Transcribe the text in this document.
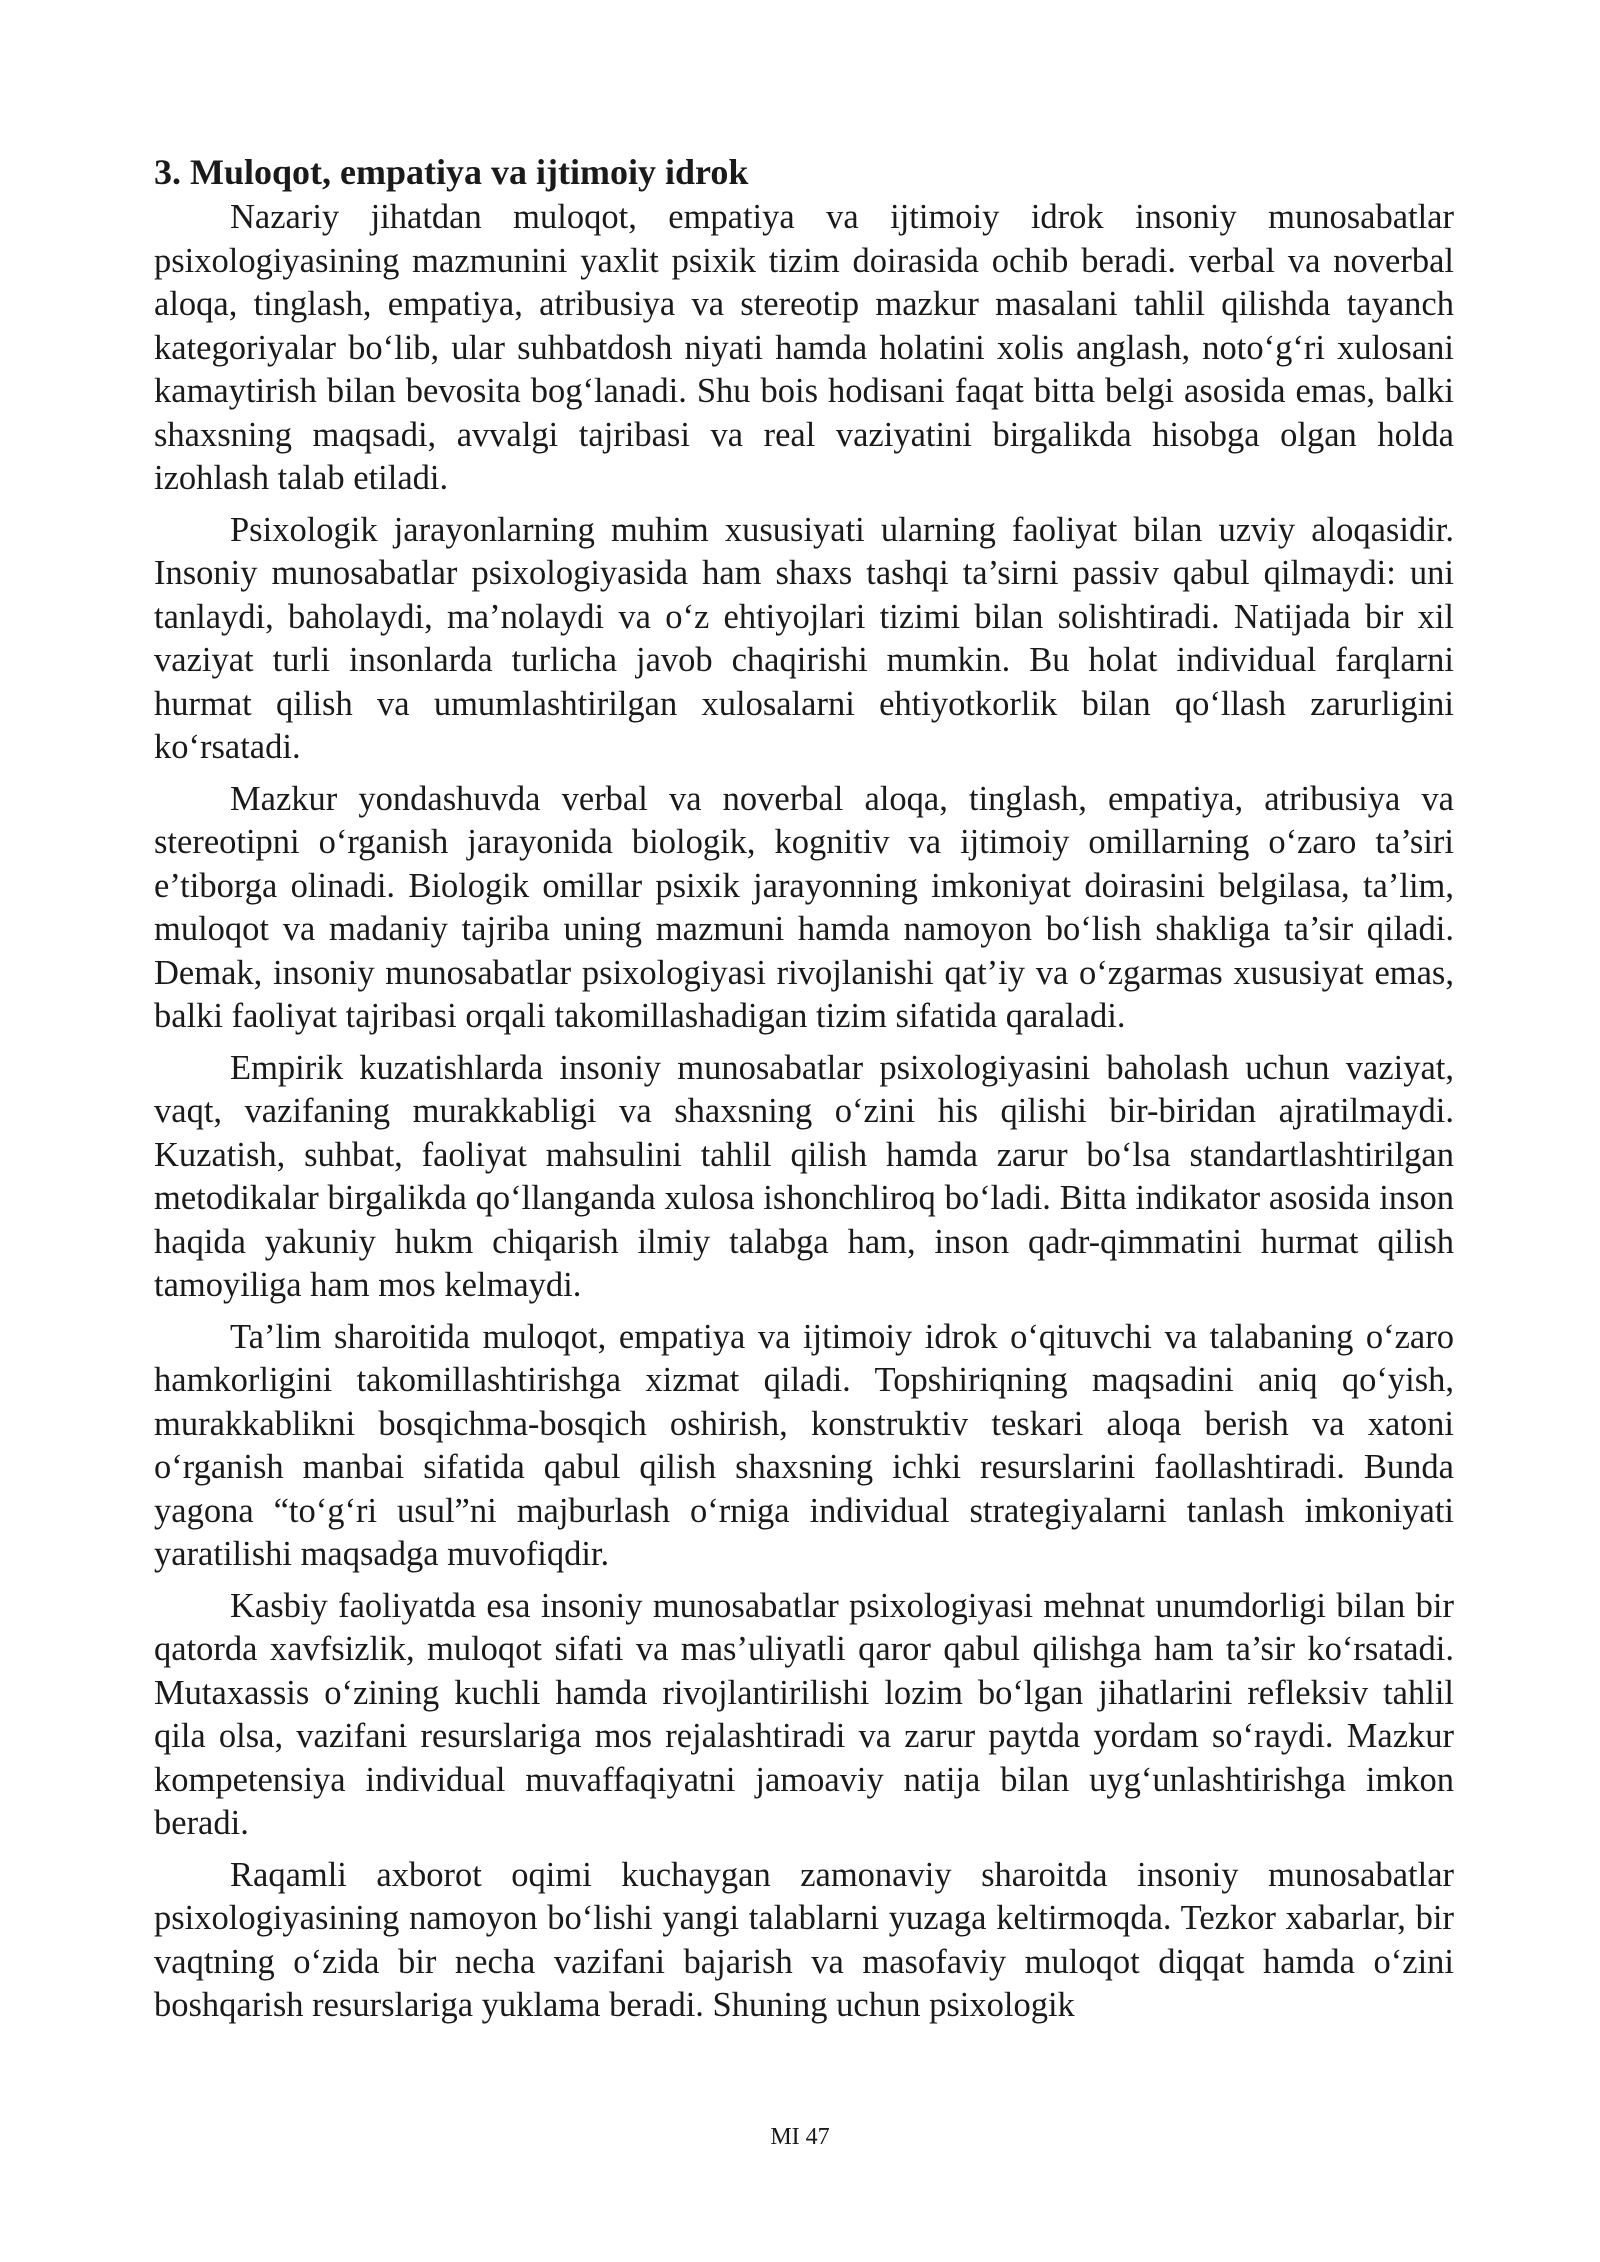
3. Muloqot, empatiya va ijtimoiy idrok

Nazariy jihatdan muloqot, empatiya va ijtimoiy idrok insoniy munosabatlar psixologiyasining mazmunini yaxlit psixik tizim doirasida ochib beradi. verbal va noverbal aloqa, tinglash, empatiya, atribusiya va stereotip mazkur masalani tahlil qilishda tayanch kategoriyalar bo‘lib, ular suhbatdosh niyati hamda holatini xolis anglash, noto‘g‘ri xulosani kamaytirish bilan bevosita bog‘lanadi. Shu bois hodisani faqat bitta belgi asosida emas, balki shaxsning maqsadi, avvalgi tajribasi va real vaziyatini birgalikda hisobga olgan holda izohlash talab etiladi.

Psixologik jarayonlarning muhim xususiyati ularning faoliyat bilan uzviy aloqasidir. Insoniy munosabatlar psixologiyasida ham shaxs tashqi ta’sirni passiv qabul qilmaydi: uni tanlaydi, baholaydi, ma’nolaydi va o‘z ehtiyojlari tizimi bilan solishtiradi. Natijada bir xil vaziyat turli insonlarda turlicha javob chaqirishi mumkin. Bu holat individual farqlarni hurmat qilish va umumlashtirilgan xulosalarni ehtiyotkorlik bilan qo‘llash zarurligini ko‘rsatadi.

Mazkur yondashuvda verbal va noverbal aloqa, tinglash, empatiya, atribusiya va stereotipni o‘rganish jarayonida biologik, kognitiv va ijtimoiy omillarning o‘zaro ta’siri e’tiborga olinadi. Biologik omillar psixik jarayonning imkoniyat doirasini belgilasa, ta’lim, muloqot va madaniy tajriba uning mazmuni hamda namoyon bo‘lish shakliga ta’sir qiladi. Demak, insoniy munosabatlar psixologiyasi rivojlanishi qat’iy va o‘zgarmas xususiyat emas, balki faoliyat tajribasi orqali takomillashadigan tizim sifatida qaraladi.

Empirik kuzatishlarda insoniy munosabatlar psixologiyasini baholash uchun vaziyat, vaqt, vazifaning murakkabligi va shaxsning o‘zini his qilishi bir-biridan ajratilmaydi. Kuzatish, suhbat, faoliyat mahsulini tahlil qilish hamda zarur bo‘lsa standartlashtirilgan metodikalar birgalikda qo‘llanganda xulosa ishonchliroq bo‘ladi. Bitta indikator asosida inson haqida yakuniy hukm chiqarish ilmiy talabga ham, inson qadr-qimmatini hurmat qilish tamoyiliga ham mos kelmaydi.

Ta’lim sharoitida muloqot, empatiya va ijtimoiy idrok o‘qituvchi va talabaning o‘zaro hamkorligini takomillashtirishga xizmat qiladi. Topshiriqning maqsadini aniq qo‘yish, murakkablikni bosqichma-bosqich oshirish, konstruktiv teskari aloqa berish va xatoni o‘rganish manbai sifatida qabul qilish shaxsning ichki resurslarini faollashtiradi. Bunda yagona “to‘g‘ri usul”ni majburlash o‘rniga individual strategiyalarni tanlash imkoniyati yaratilishi maqsadga muvofiqdir.

Kasbiy faoliyatda esa insoniy munosabatlar psixologiyasi mehnat unumdorligi bilan bir qatorda xavfsizlik, muloqot sifati va mas’uliyatli qaror qabul qilishga ham ta’sir ko‘rsatadi. Mutaxassis o‘zining kuchli hamda rivojlantirilishi lozim bo‘lgan jihatlarini refleksiv tahlil qila olsa, vazifani resurslariga mos rejalashtiradi va zarur paytda yordam so‘raydi. Mazkur kompetensiya individual muvaffaqiyatni jamoaviy natija bilan uyg‘unlashtirishga imkon beradi.

Raqamli axborot oqimi kuchaygan zamonaviy sharoitda insoniy munosabatlar psixologiyasining namoyon bo‘lishi yangi talablarni yuzaga keltirmoqda. Tezkor xabarlar, bir vaqtning o‘zida bir necha vazifani bajarish va masofaviy muloqot diqqat hamda o‘zini boshqarish resurslariga yuklama beradi. Shuning uchun psixologik

MI 47
